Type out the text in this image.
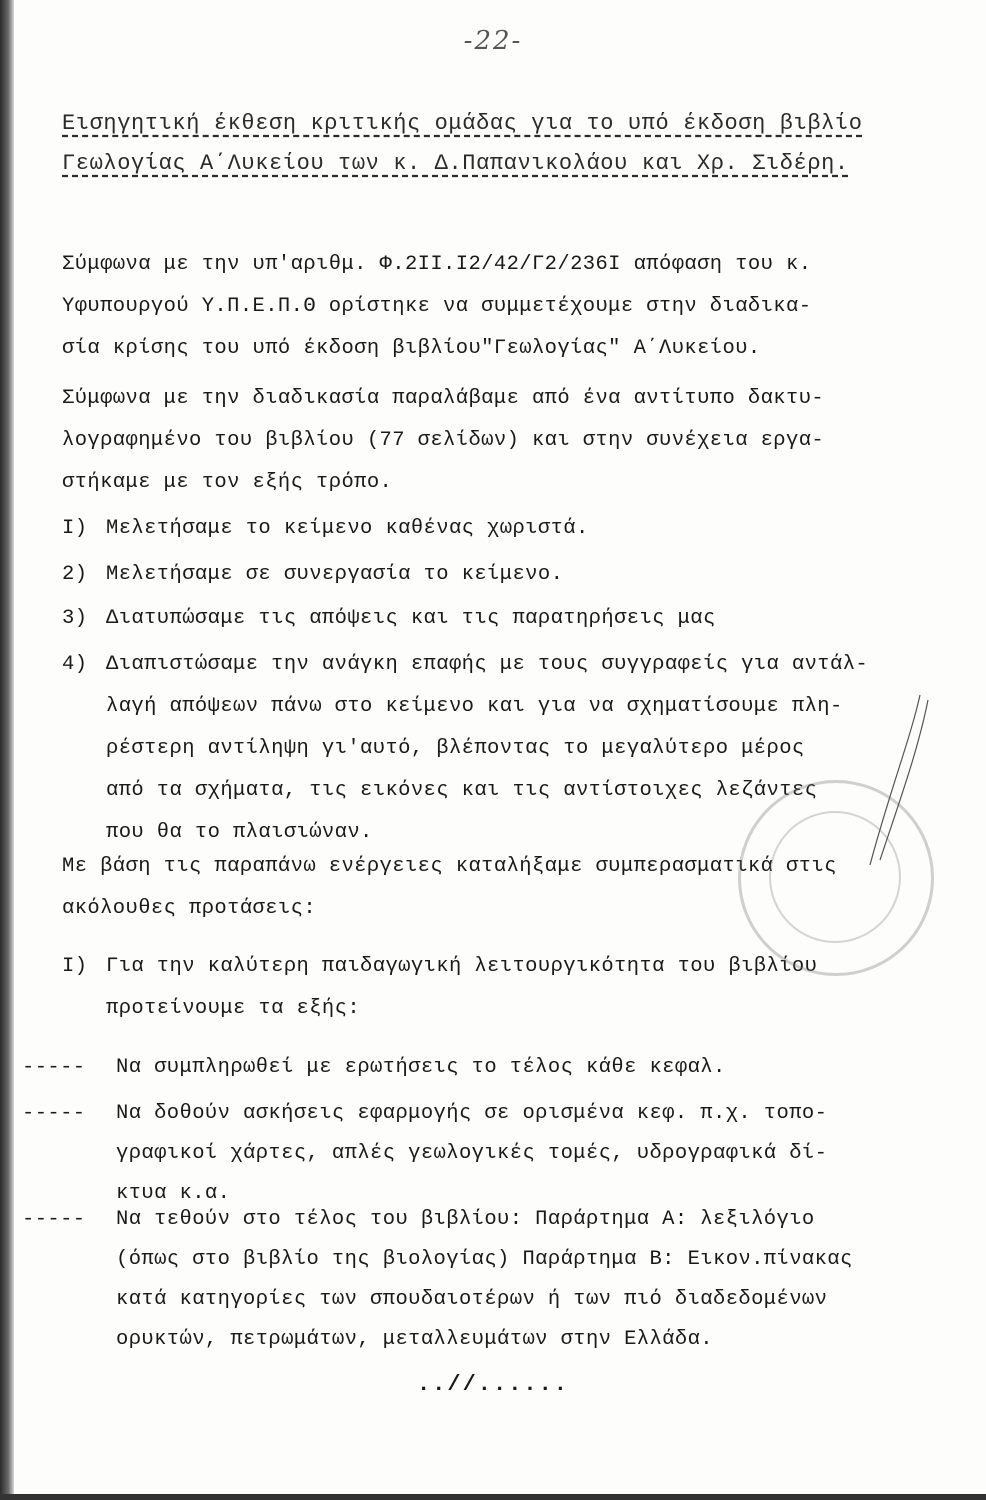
-22-
Εισηγητική έκθεση κριτικής ομάδας για το υπό έκδοση βιβλίο
Γεωλογίας Α΄Λυκείου των κ. Δ.Παπανικολάου και Χρ. Σιδέρη.
Σύμφωνα με την υπ'αριθμ. Φ.2ΙΙ.Ι2/42/Γ2/236Ι απόφαση του κ.
Υφυπουργού Υ.Π.Ε.Π.Θ ορίστηκε να συμμετέχουμε στην διαδικα-
σία κρίσης του υπό έκδοση βιβλίου"Γεωλογίας" Α΄Λυκείου.
Σύμφωνα με την διαδικασία παραλάβαμε από ένα αντίτυπο δακτυ-
λογραφημένο του βιβλίου (77 σελίδων) και στην συνέχεια εργα-
στήκαμε με τον εξής τρόπο.
Ι) Μελετήσαμε το κείμενο καθένας χωριστά.
2) Μελετήσαμε σε συνεργασία το κείμενο.
3) Διατυπώσαμε τις απόψεις και τις παρατηρήσεις μας
4) Διαπιστώσαμε την ανάγκη επαφής με τους συγγραφείς για αντάλ-
λαγή απόψεων πάνω στο κείμενο και για να σχηματίσουμε πλη-
ρέστερη αντίληψη γι'αυτό, βλέποντας το μεγαλύτερο μέρος
από τα σχήματα, τις εικόνες και τις αντίστοιχες λεζάντες
που θα το πλαισιώναν.
Με βάση τις παραπάνω ενέργειες καταλήξαμε συμπερασματικά στις
ακόλουθες προτάσεις:
Ι) Για την καλύτερη παιδαγωγική λειτουργικότητα του βιβλίου
προτείνουμε τα εξής:
-----	Να συμπληρωθεί με ερωτήσεις το τέλος κάθε κεφαλ.
-----	Να δοθούν ασκήσεις εφαρμογής σε ορισμένα κεφ. π.χ. τοπο-
γραφικοί χάρτες, απλές γεωλογικές τομές, υδρογραφικά δί-
κτυα κ.α.
-----	Να τεθούν στο τέλος του βιβλίου: Παράρτημα Α: λεξιλόγιο
(όπως στο βιβλίο της βιολογίας) Παράρτημα Β: Εικον.πίνακας
κατά κατηγορίες των σπουδαιοτέρων ή των πιό διαδεδομένων
ορυκτών, πετρωμάτων, μεταλλευμάτων στην Ελλάδα.
..//......
